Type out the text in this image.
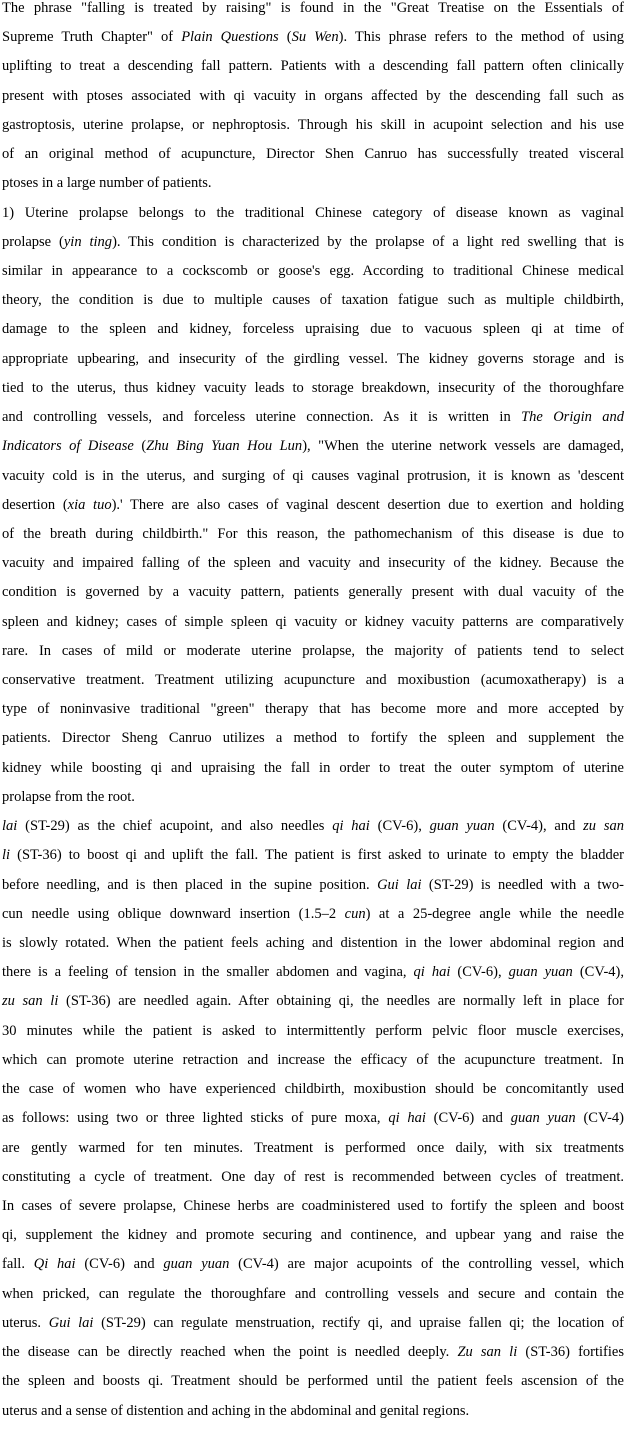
The phrase "falling is treated by raising" is found in the "Great Treatise on the Essentials of
Supreme Truth Chapter" of Plain Questions (Su Wen). This phrase refers to the method of using
uplifting to treat a descending fall pattern. Patients with a descending fall pattern often clinically
present with ptoses associated with qi vacuity in organs affected by the descending fall such as
gastroptosis, uterine prolapse, or nephroptosis. Through his skill in acupoint selection and his use
of an original method of acupuncture, Director Shen Canruo has successfully treated visceral
ptoses in a large number of patients.
1) Uterine prolapse belongs to the traditional Chinese category of disease known as vaginal
prolapse (yin ting). This condition is characterized by the prolapse of a light red swelling that is
similar in appearance to a cockscomb or goose's egg. According to traditional Chinese medical
theory, the condition is due to multiple causes of taxation fatigue such as multiple childbirth,
damage to the spleen and kidney, forceless upraising due to vacuous spleen qi at time of
appropriate upbearing, and insecurity of the girdling vessel. The kidney governs storage and is
tied to the uterus, thus kidney vacuity leads to storage breakdown, insecurity of the thoroughfare
and controlling vessels, and forceless uterine connection. As it is written in The Origin and
Indicators of Disease (Zhu Bing Yuan Hou Lun), "When the uterine network vessels are damaged,
vacuity cold is in the uterus, and surging of qi causes vaginal protrusion, it is known as 'descent
desertion (xia tuo).' There are also cases of vaginal descent desertion due to exertion and holding
of the breath during childbirth." For this reason, the pathomechanism of this disease is due to
vacuity and impaired falling of the spleen and vacuity and insecurity of the kidney. Because the
condition is governed by a vacuity pattern, patients generally present with dual vacuity of the
spleen and kidney; cases of simple spleen qi vacuity or kidney vacuity patterns are comparatively
rare. In cases of mild or moderate uterine prolapse, the majority of patients tend to select
conservative treatment. Treatment utilizing acupuncture and moxibustion (acumoxatherapy) is a
type of noninvasive traditional "green" therapy that has become more and more accepted by
patients. Director Sheng Canruo utilizes a method to fortify the spleen and supplement the
kidney while boosting qi and upraising the fall in order to treat the outer symptom of uterine
prolapse from the root.
lai (ST-29) as the chief acupoint, and also needles qi hai (CV-6), guan yuan (CV-4), and zu san
li (ST-36) to boost qi and uplift the fall. The patient is first asked to urinate to empty the bladder
before needling, and is then placed in the supine position. Gui lai (ST-29) is needled with a two-
cun needle using oblique downward insertion (1.5–2 cun) at a 25-degree angle while the needle
is slowly rotated. When the patient feels aching and distention in the lower abdominal region and
there is a feeling of tension in the smaller abdomen and vagina, qi hai (CV-6), guan yuan (CV-4),
zu san li (ST-36) are needled again. After obtaining qi, the needles are normally left in place for
30 minutes while the patient is asked to intermittently perform pelvic floor muscle exercises,
which can promote uterine retraction and increase the efficacy of the acupuncture treatment. In
the case of women who have experienced childbirth, moxibustion should be concomitantly used
as follows: using two or three lighted sticks of pure moxa, qi hai (CV-6) and guan yuan (CV-4)
are gently warmed for ten minutes. Treatment is performed once daily, with six treatments
constituting a cycle of treatment. One day of rest is recommended between cycles of treatment.
In cases of severe prolapse, Chinese herbs are coadministered used to fortify the spleen and boost
qi, supplement the kidney and promote securing and continence, and upbear yang and raise the
fall. Qi hai (CV-6) and guan yuan (CV-4) are major acupoints of the controlling vessel, which
when pricked, can regulate the thoroughfare and controlling vessels and secure and contain the
uterus. Gui lai (ST-29) can regulate menstruation, rectify qi, and upraise fallen qi; the location of
the disease can be directly reached when the point is needled deeply. Zu san li (ST-36) fortifies
the spleen and boosts qi. Treatment should be performed until the patient feels ascension of the
uterus and a sense of distention and aching in the abdominal and genital regions.
